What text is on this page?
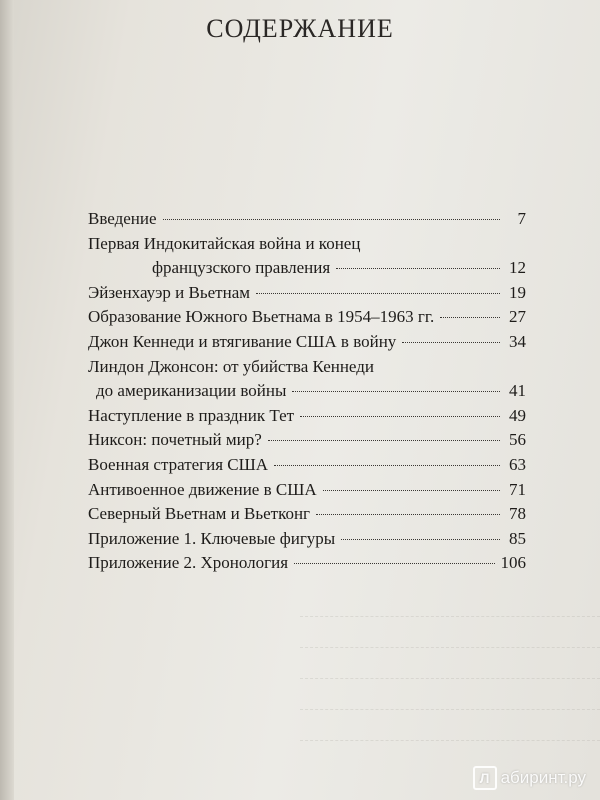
СОДЕРЖАНИЕ
Введение	7
Первая Индокитайская война и конец
французского правления	12
Эйзенхауэр и Вьетнам	19
Образование Южного Вьетнама в 1954–1963 гг.	27
Джон Кеннеди и втягивание США в войну	34
Линдон Джонсон: от убийства Кеннеди
до американизации войны	41
Наступление в праздник Тет	49
Никсон: почетный мир?	56
Военная стратегия США	63
Антивоенное движение в США	71
Северный Вьетнам и Вьетконг	78
Приложение 1. Ключевые фигуры	85
Приложение 2. Хронология	106
Л абиринт.ру
